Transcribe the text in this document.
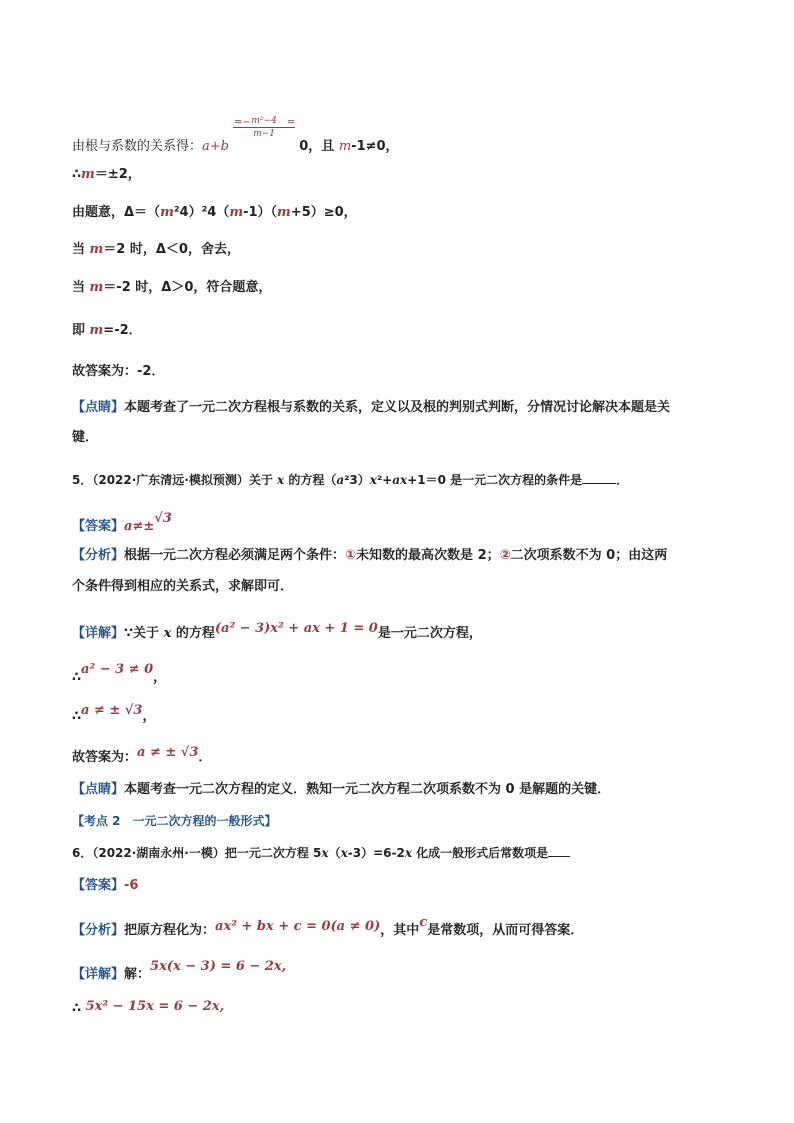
由根与系数的关系得：$a+b \frac{\text{m²−4}}{m-1} 0$，且 m-1≠0，
=−	=
∴m＝±2，
由题意，Δ＝（m²4）²4（m-1）（m+5）≥0，
当 m＝2 时，Δ＜0，舍去，
当 m＝-2 时，Δ＞0，符合题意，
即 m=-2．
故答案为：-2．
【点睛】本题考查了一元二次方程根与系数的关系，定义以及根的判别式判断，分情况讨论解决本题是关
键．
5．（2022·广东清远·模拟预测）关于 x 的方程（a²3）x²+ax+1＝0 是一元二次方程的条件是	．
【答案】a≠±√3
【分析】根据一元二次方程必须满足两个条件：①未知数的最高次数是 2；②二次项系数不为 0；由这两
个条件得到相应的关系式，求解即可．
【详解】∵关于 x 的方程(a² − 3)x² + ax + 1 = 0是一元二次方程，
∴a² − 3 ≠ 0，
∴a ≠ ± √3，
故答案为：a ≠ ± √3．
【点睛】本题考查一元二次方程的定义．熟知一元二次方程二次项系数不为 0 是解题的关键．
【考点 2　一元二次方程的一般形式】
6．（2022·湖南永州·一模）把一元二次方程 5x（x-3）=6-2x 化成一般形式后常数项是
【答案】-6
【分析】把原方程化为：ax² + bx + c = 0(a ≠ 0)，其中c是常数项，从而可得答案．
【详解】解：5x(x − 3) = 6 − 2x,
∴ 5x² − 15x = 6 − 2x,
